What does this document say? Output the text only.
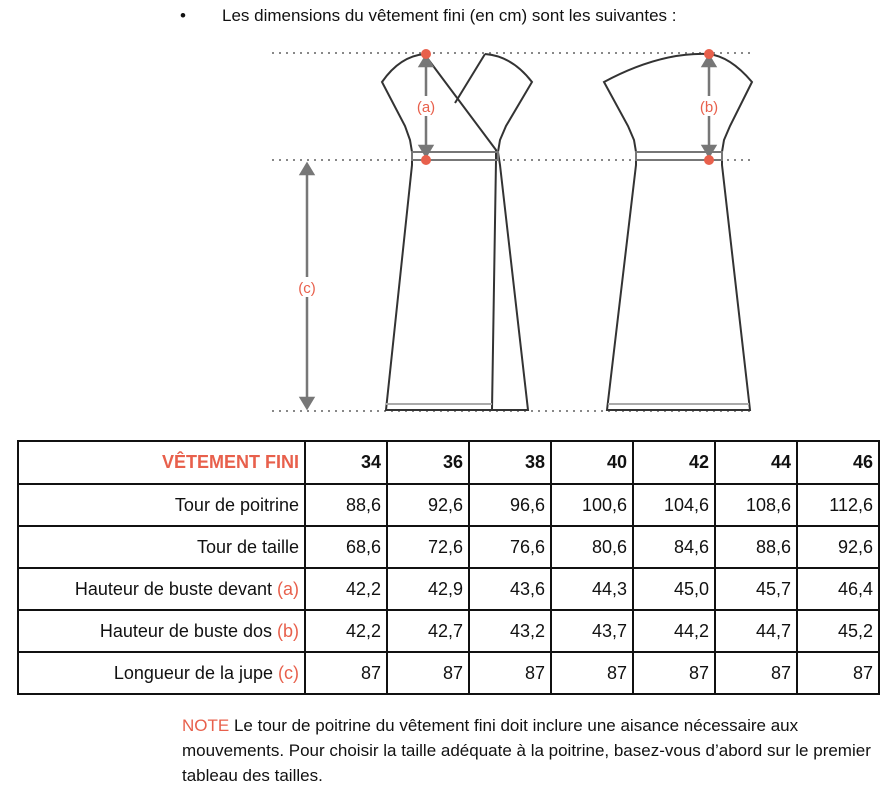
• Les dimensions du vêtement fini (en cm) sont les suivantes :
(a)	(b)
(c)
VÊTEMENT FINI	34	36	38	40	42	44	46
Tour de poitrine	88,6	92,6	96,6	100,6	104,6	108,6	112,6
Tour de taille	68,6	72,6	76,6	80,6	84,6	88,6	92,6
Hauteur de buste devant (a)	42,2	42,9	43,6	44,3	45,0	45,7	46,4
Hauteur de buste dos (b)	42,2	42,7	43,2	43,7	44,2	44,7	45,2
Longueur de la jupe (c)	87	87	87	87	87	87	87
NOTE Le tour de poitrine du vêtement fini doit inclure une aisance nécessaire aux mouvements. Pour choisir la taille adéquate à la poitrine, basez-vous d’abord sur le premier tableau des tailles.
